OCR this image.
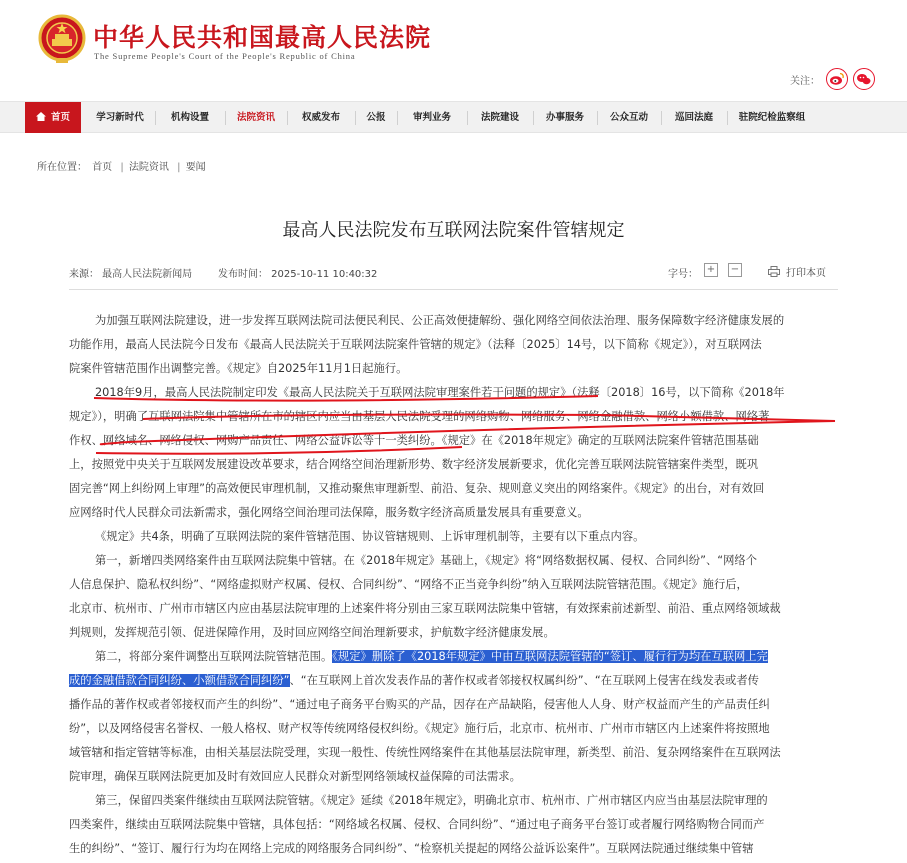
中华人民共和国最高人民法院
The Supreme People's Court of the People's Republic of China
关注：
首页	学习新时代	机构设置	法院资讯	权威发布	公报	审判业务	法院建设	办事服务	公众互动	巡回法庭	驻院纪检监察组
所在位置： 首页 | 法院资讯 | 要闻
最高人民法院发布互联网法院案件管辖规定
来源： 最高人民法院新闻局	发布时间： 2025-10-11 10:40:32	字号： + −	打印本页
为加强互联网法院建设，进一步发挥互联网法院司法便民利民、公正高效便捷解纷、强化网络空间依法治理、服务保障数字经济健康发展的
功能作用，最高人民法院今日发布《最高人民法院关于互联网法院案件管辖的规定》（法释〔2025〕14号，以下简称《规定》），对互联网法
院案件管辖范围作出调整完善。《规定》自2025年11月1日起施行。
2018年9月，最高人民法院制定印发《最高人民法院关于互联网法院审理案件若干问题的规定》（法释〔2018〕16号，以下简称《2018年
规定》），明确了互联网法院集中管辖所在市的辖区内应当由基层人民法院受理的网络购物、网络服务、网络金融借款、网络小额借款、网络著
作权、网络域名、网络侵权、网购产品责任、网络公益诉讼等十一类纠纷。《规定》在《2018年规定》确定的互联网法院案件管辖范围基础
上，按照党中央关于互联网发展建设改革要求，结合网络空间治理新形势、数字经济发展新要求，优化完善互联网法院管辖案件类型，既巩
固完善“网上纠纷网上审理”的高效便民审理机制，又推动聚焦审理新型、前沿、复杂、规则意义突出的网络案件。《规定》的出台，对有效回
应网络时代人民群众司法新需求，强化网络空间治理司法保障，服务数字经济高质量发展具有重要意义。
《规定》共4条，明确了互联网法院的案件管辖范围、协议管辖规则、上诉审理机制等，主要有以下重点内容。
第一，新增四类网络案件由互联网法院集中管辖。在《2018年规定》基础上，《规定》将“网络数据权属、侵权、合同纠纷”、“网络个
人信息保护、隐私权纠纷”、“网络虚拟财产权属、侵权、合同纠纷”、“网络不正当竞争纠纷”纳入互联网法院管辖范围。《规定》施行后，
北京市、杭州市、广州市市辖区内应由基层法院审理的上述案件将分别由三家互联网法院集中管辖，有效探索前述新型、前沿、重点网络领域裁
判规则，发挥规范引领、促进保障作用，及时回应网络空间治理新要求，护航数字经济健康发展。
第二，将部分案件调整出互联网法院管辖范围。《规定》删除了《2018年规定》中由互联网法院管辖的“签订、履行行为均在互联网上完
成的金融借款合同纠纷、小额借款合同纠纷”、“在互联网上首次发表作品的著作权或者邻接权权属纠纷”、“在互联网上侵害在线发表或者传
播作品的著作权或者邻接权而产生的纠纷”、“通过电子商务平台购买的产品，因存在产品缺陷，侵害他人人身、财产权益而产生的产品责任纠
纷”，以及网络侵害名誉权、一般人格权、财产权等传统网络侵权纠纷。《规定》施行后，北京市、杭州市、广州市市辖区内上述案件将按照地
域管辖和指定管辖等标准，由相关基层法院受理，实现一般性、传统性网络案件在其他基层法院审理，新类型、前沿、复杂网络案件在互联网法
院审理，确保互联网法院更加及时有效回应人民群众对新型网络领域权益保障的司法需求。
第三，保留四类案件继续由互联网法院管辖。《规定》延续《2018年规定》，明确北京市、杭州市、广州市辖区内应当由基层法院审理的
四类案件，继续由互联网法院集中管辖，具体包括：“网络域名权属、侵权、合同纠纷”、“通过电子商务平台签订或者履行网络购物合同而产
生的纠纷”、“签订、履行行为均在网络上完成的网络服务合同纠纷”、“检察机关提起的网络公益诉讼案件”。互联网法院通过继续集中管辖
